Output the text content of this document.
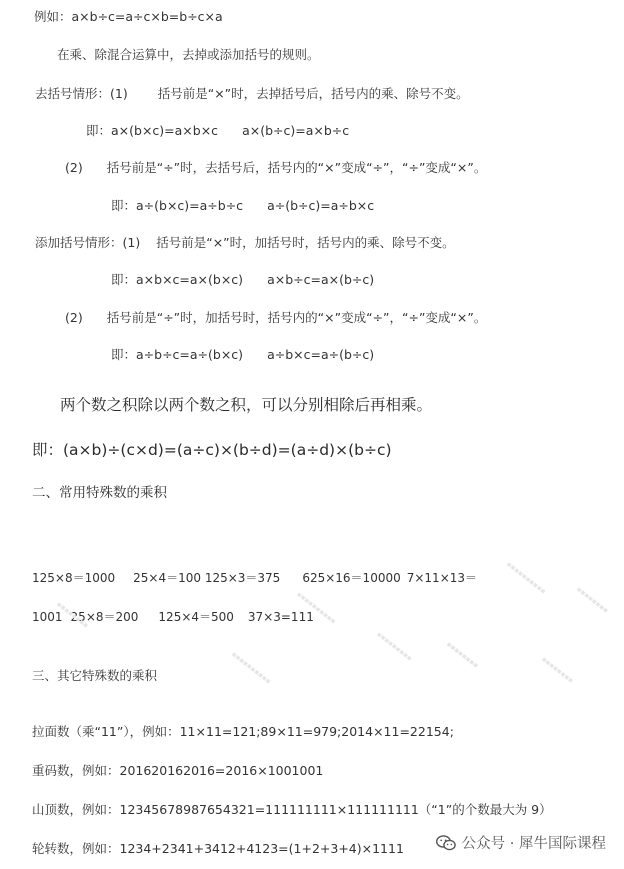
例如：a×b÷c=a÷c×b=b÷c×a
在乘、除混合运算中，去掉或添加括号的规则。
去括号情形：(1) 括号前是“×”时，去掉括号后，括号内的乘、除号不变。
即：a×(b×c)=a×b×c a×(b÷c)=a×b÷c
(2) 括号前是“÷”时，去括号后，括号内的“×”变成“÷”，“÷”变成“×”。
即：a÷(b×c)=a÷b÷c a÷(b÷c)=a÷b×c
添加括号情形：(1) 括号前是“×”时，加括号时，括号内的乘、除号不变。
即：a×b×c=a×(b×c) a×b÷c=a×(b÷c)
(2) 括号前是“÷”时，加括号时，括号内的“×”变成“÷”，“÷”变成“×”。
即：a÷b÷c=a÷(b×c) a÷b×c=a÷(b÷c)
两个数之积除以两个数之积，可以分别相除后再相乘。
即：(a×b)÷(c×d)=(a÷c)×(b÷d)=(a÷d)×(b÷c)
二、常用特殊数的乘积
125×8＝1000 25×4＝100 125×3＝375 625×16＝10000 7×11×13＝
1001 25×8＝200 125×4＝500 37×3=111
三、其它特殊数的乘积
拉面数（乘“11”），例如：11×11=121;89×11=979;2014×11=22154;
重码数，例如：201620162016=2016×1001001
山顶数，例如：12345678987654321=111111111×111111111（“1”的个数最大为 9）
轮转数，例如：1234+2341+3412+4123=(1+2+3+4)×1111
▪▪▪▪▪▪▪▪▪▪
▪▪▪▪▪▪▪▪
▪▪▪▪▪▪▪▪▪▪
▪▪▪▪▪▪▪▪▪
▪▪▪▪▪▪▪▪▪▪	▪▪▪▪▪▪▪▪
▪▪▪▪▪▪▪▪
▪▪▪▪▪▪▪▪
公众号 · 犀牛国际课程
